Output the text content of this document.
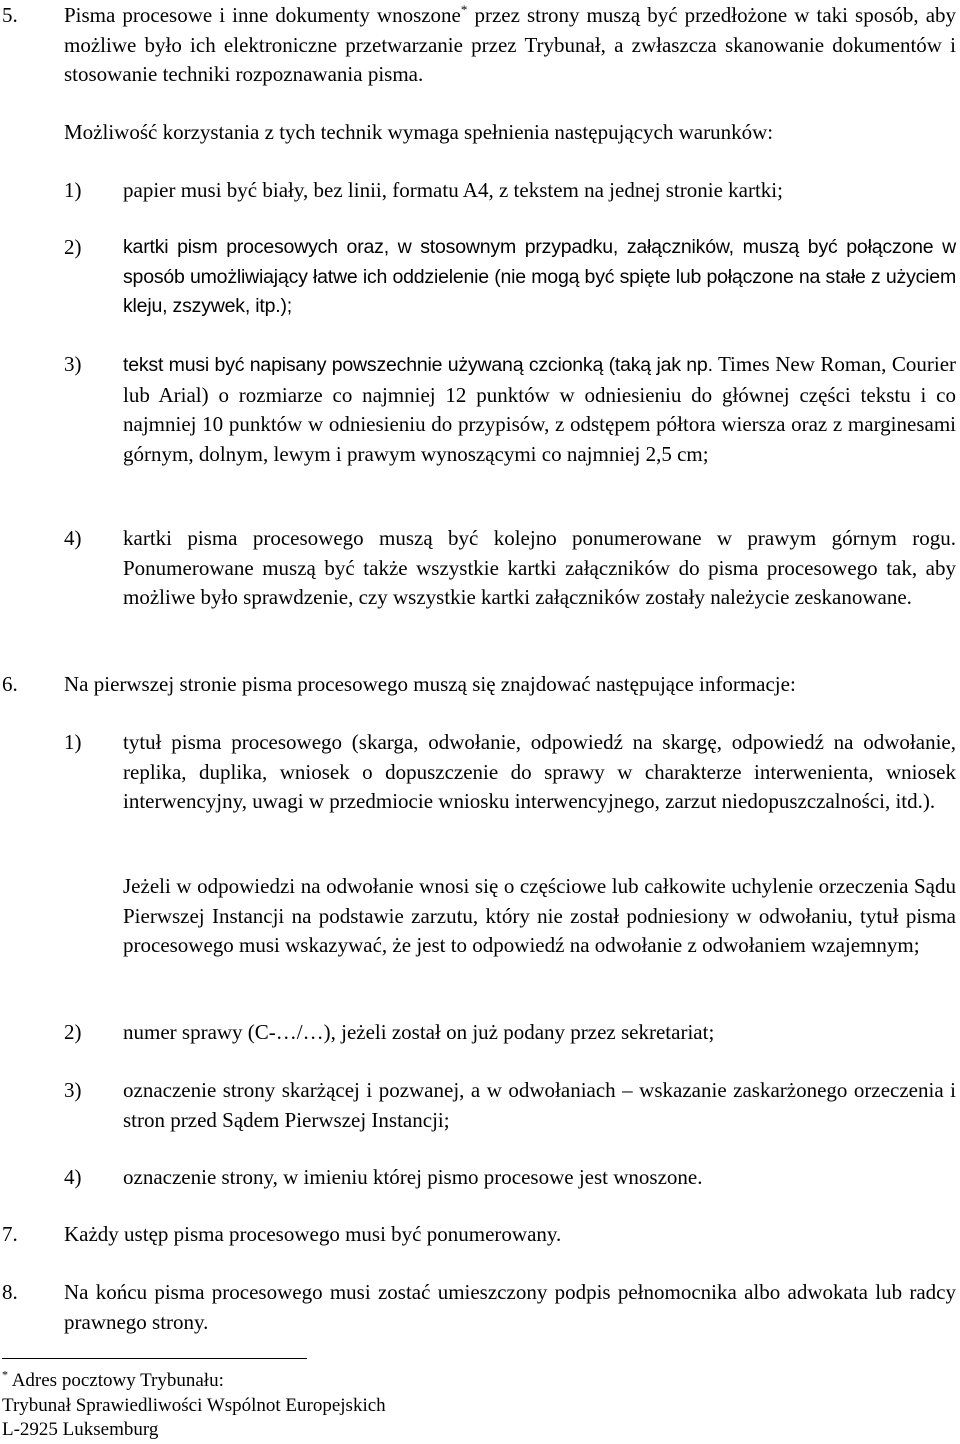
5. Pisma procesowe i inne dokumenty wnoszone* przez strony muszą być przedłożone w taki sposób, aby możliwe było ich elektroniczne przetwarzanie przez Trybunał, a zwłaszcza skanowanie dokumentów i stosowanie techniki rozpoznawania pisma.
Możliwość korzystania z tych technik wymaga spełnienia następujących warunków:
1) papier musi być biały, bez linii, formatu A4, z tekstem na jednej stronie kartki;
2) kartki pism procesowych oraz, w stosownym przypadku, załączników, muszą być połączone w sposób umożliwiający łatwe ich oddzielenie (nie mogą być spięte lub połączone na stałe z użyciem kleju, zszywek, itp.);
3) tekst musi być napisany powszechnie używaną czcionką (taką jak np. Times New Roman, Courier lub Arial) o rozmiarze co najmniej 12 punktów w odniesieniu do głównej części tekstu i co najmniej 10 punktów w odniesieniu do przypisów, z odstępem półtora wiersza oraz z marginesami górnym, dolnym, lewym i prawym wynoszącymi co najmniej 2,5 cm;
4) kartki pisma procesowego muszą być kolejno ponumerowane w prawym górnym rogu. Ponumerowane muszą być także wszystkie kartki załączników do pisma procesowego tak, aby możliwe było sprawdzenie, czy wszystkie kartki załączników zostały należycie zeskanowane.
6. Na pierwszej stronie pisma procesowego muszą się znajdować następujące informacje:
1) tytuł pisma procesowego (skarga, odwołanie, odpowiedź na skargę, odpowiedź na odwołanie, replika, duplika, wniosek o dopuszczenie do sprawy w charakterze interwenienta, wniosek interwencyjny, uwagi w przedmiocie wniosku interwencyjnego, zarzut niedopuszczalności, itd.).
Jeżeli w odpowiedzi na odwołanie wnosi się o częściowe lub całkowite uchylenie orzeczenia Sądu Pierwszej Instancji na podstawie zarzutu, który nie został podniesiony w odwołaniu, tytuł pisma procesowego musi wskazywać, że jest to odpowiedź na odwołanie z odwołaniem wzajemnym;
2) numer sprawy (C-…/…), jeżeli został on już podany przez sekretariat;
3) oznaczenie strony skarżącej i pozwanej, a w odwołaniach – wskazanie zaskarżonego orzeczenia i stron przed Sądem Pierwszej Instancji;
4) oznaczenie strony, w imieniu której pismo procesowe jest wnoszone.
7. Każdy ustęp pisma procesowego musi być ponumerowany.
8. Na końcu pisma procesowego musi zostać umieszczony podpis pełnomocnika albo adwokata lub radcy prawnego strony.
* Adres pocztowy Trybunału:
Trybunał Sprawiedliwości Wspólnot Europejskich
L-2925 Luksemburg
